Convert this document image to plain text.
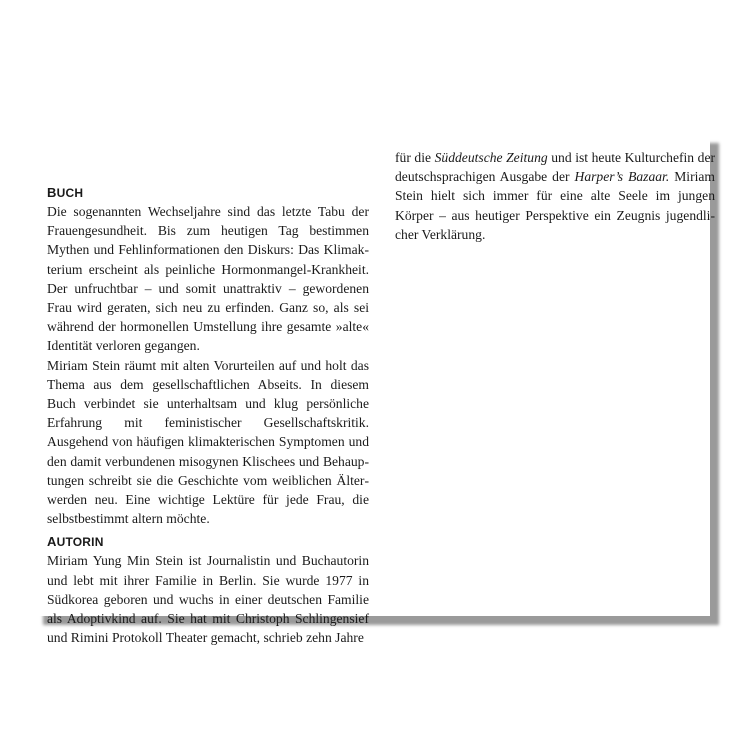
BUCH

Die sogenannten Wechseljahre sind das letzte Tabu der Frauengesundheit. Bis zum heutigen Tag bestimmen Mythen und Fehlinformationen den Diskurs: Das Klimakterium erscheint als peinliche Hormonmangel-Krankheit. Der unfruchtbar – und somit unattraktiv – gewordenen Frau wird geraten, sich neu zu erfinden. Ganz so, als sei während der hormonellen Umstellung ihre gesamte »alte« Identität verloren gegangen.

Miriam Stein räumt mit alten Vorurteilen auf und holt das Thema aus dem gesellschaftlichen Abseits. In diesem Buch verbindet sie unterhaltsam und klug persönliche Erfahrung mit feministischer Gesellschaftskritik. Ausgehend von häufigen klimakterischen Symptomen und den damit verbundenen misogynen Klischees und Behauptungen schreibt sie die Geschichte vom weiblichen Älterwerden neu. Eine wichtige Lektüre für jede Frau, die selbstbestimmt altern möchte.

AUTORIN

Miriam Yung Min Stein ist Journalistin und Buchautorin und lebt mit ihrer Familie in Berlin. Sie wurde 1977 in Südkorea geboren und wuchs in einer deutschen Familie als Adoptivkind auf. Sie hat mit Christoph Schlingensief und Rimini Protokoll Theater gemacht, schrieb zehn Jahre

für die Süddeutsche Zeitung und ist heute Kulturchefin der deutschsprachigen Ausgabe der Harper’s Bazaar. Miriam Stein hielt sich immer für eine alte Seele im jungen Körper – aus heutiger Perspektive ein Zeugnis jugendlicher Verklärung.
